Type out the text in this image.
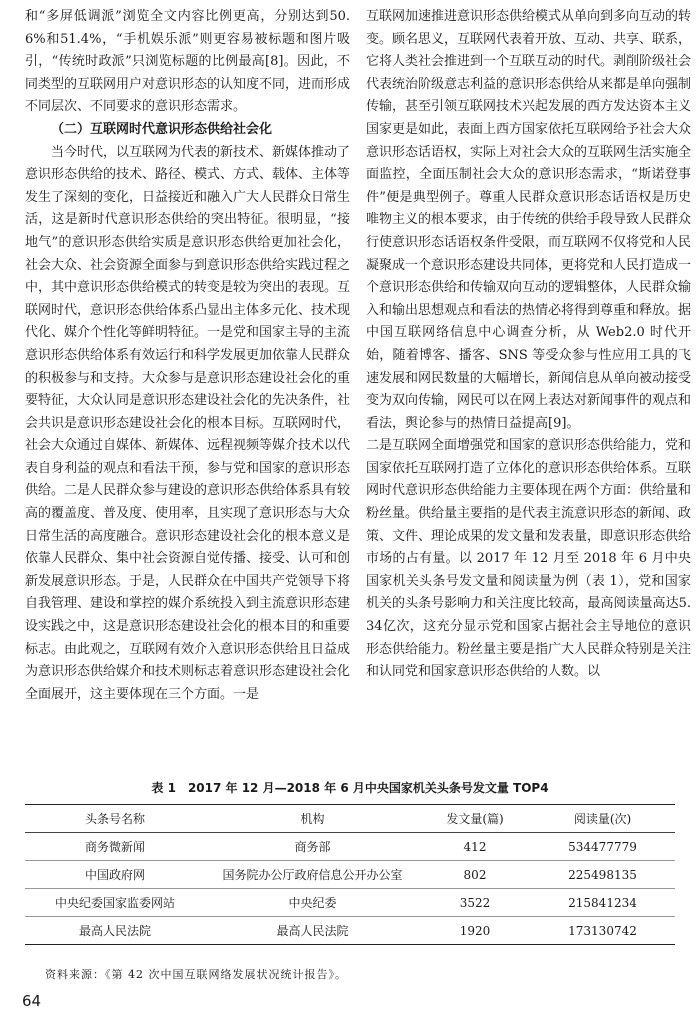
和“多屏低调派”浏览全文内容比例更高，分别达到50.6%和51.4%，“手机娱乐派”则更容易被标题和图片吸引，“传统时政派”只浏览标题的比例最高[8]。因此，不同类型的互联网用户对意识形态的认知度不同，进而形成不同层次、不同要求的意识形态需求。

（二）互联网时代意识形态供给社会化

当今时代，以互联网为代表的新技术、新媒体推动了意识形态供给的技术、路径、模式、方式、载体、主体等发生了深刻的变化，日益接近和融入广大人民群众日常生活，这是新时代意识形态供给的突出特征。很明显，“接地气”的意识形态供给实质是意识形态供给更加社会化，社会大众、社会资源全面参与到意识形态供给实践过程之中，其中意识形态供给模式的转变是较为突出的表现。互联网时代，意识形态供给体系凸显出主体多元化、技术现代化、媒介个性化等鲜明特征。一是党和国家主导的主流意识形态供给体系有效运行和科学发展更加依靠人民群众的积极参与和支持。大众参与是意识形态建设社会化的重要特征，大众认同是意识形态建设社会化的先决条件，社会共识是意识形态建设社会化的根本目标。互联网时代，社会大众通过自媒体、新媒体、远程视频等媒介技术以代表自身利益的观点和看法干预，参与党和国家的意识形态供给。二是人民群众参与建设的意识形态供给体系具有较高的覆盖度、普及度、使用率，且实现了意识形态与大众日常生活的高度融合。意识形态建设社会化的根本意义是依靠人民群众、集中社会资源自觉传播、接受、认可和创新发展意识形态。于是，人民群众在中国共产党领导下将自我管理、建设和掌控的媒介系统投入到主流意识形态建设实践之中，这是意识形态建设社会化的根本目的和重要标志。由此观之，互联网有效介入意识形态供给且日益成为意识形态供给媒介和技术则标志着意识形态建设社会化全面展开，这主要体现在三个方面。一是

互联网加速推进意识形态供给模式从单向到多向互动的转变。顾名思义，互联网代表着开放、互动、共享、联系，它将人类社会推进到一个互联互动的时代。剥削阶级社会代表统治阶级意志利益的意识形态供给从来都是单向强制传输，甚至引领互联网技术兴起发展的西方发达资本主义国家更是如此，表面上西方国家依托互联网给予社会大众意识形态话语权，实际上对社会大众的互联网生活实施全面监控，全面压制社会大众的意识形态需求，“斯诺登事件”便是典型例子。尊重人民群众意识形态话语权是历史唯物主义的根本要求，由于传统的供给手段导致人民群众行使意识形态话语权条件受限，而互联网不仅将党和人民凝聚成一个意识形态建设共同体，更将党和人民打造成一个意识形态供给和传输双向互动的逻辑整体，人民群众输入和输出思想观点和看法的热情必将得到尊重和释放。据中国互联网络信息中心调查分析，从 Web2.0 时代开始，随着博客、播客、SNS 等受众参与性应用工具的飞速发展和网民数量的大幅增长，新闻信息从单向被动接受变为双向传输，网民可以在网上表达对新闻事件的观点和看法，舆论参与的热情日益提高[9]。

二是互联网全面增强党和国家的意识形态供给能力，党和国家依托互联网打造了立体化的意识形态供给体系。互联网时代意识形态供给能力主要体现在两个方面：供给量和粉丝量。供给量主要指的是代表主流意识形态的新闻、政策、文件、理论成果的发文量和发表量，即意识形态供给市场的占有量。以 2017 年 12 月至 2018 年 6 月中央国家机关头条号发文量和阅读量为例（表 1），党和国家机关的头条号影响力和关注度比较高，最高阅读量高达5.34亿次，这充分显示党和国家占据社会主导地位的意识形态供给能力。粉丝量主要是指广大人民群众特别是关注和认同党和国家意识形态供给的人数。以

表 1　2017 年 12 月—2018 年 6 月中央国家机关头条号发文量 TOP4
头条号名称	机构	发文量(篇)	阅读量(次)
商务微新闻	商务部	412	534477779
中国政府网	国务院办公厅政府信息公开办公室	802	225498135
中央纪委国家监委网站	中央纪委	3522	215841234
最高人民法院	最高人民法院	1920	173130742
资料来源：《第 42 次中国互联网络发展状况统计报告》。
64
